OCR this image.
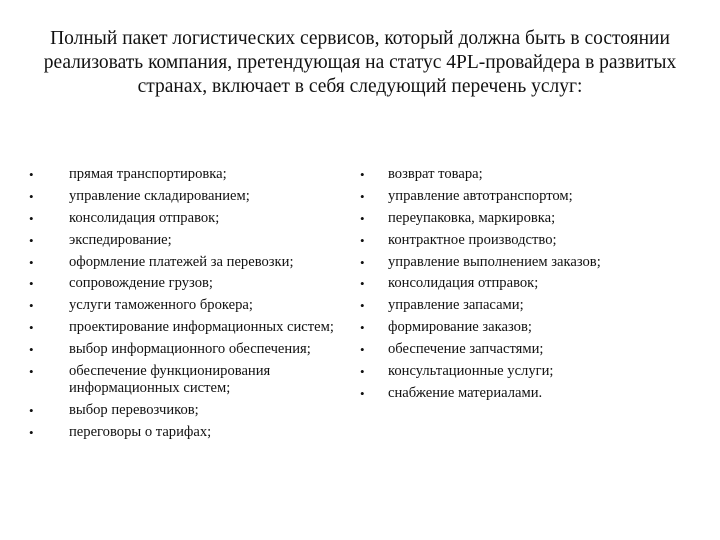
Полный пакет логистических сервисов, который должна быть в состоянии реализовать компания, претендующая на статус 4PL-провайдера в развитых странах, включает в себя следующий перечень услуг:
• прямая транспортировка;
• управление складированием;
• консолидация отправок;
• экспедирование;
• оформление платежей за перевозки;
• сопровождение грузов;
• услуги таможенного брокера;
• проектирование информационных систем;
• выбор информационного обеспечения;
• обеспечение функционирования информационных систем;
• выбор перевозчиков;
• переговоры о тарифах;
• возврат товара;
• управление автотранспортом;
• переупаковка, маркировка;
• контрактное производство;
• управление выполнением заказов;
• консолидация отправок;
• управление запасами;
• формирование заказов;
• обеспечение запчастями;
• консультационные услуги;
• снабжение материалами.
